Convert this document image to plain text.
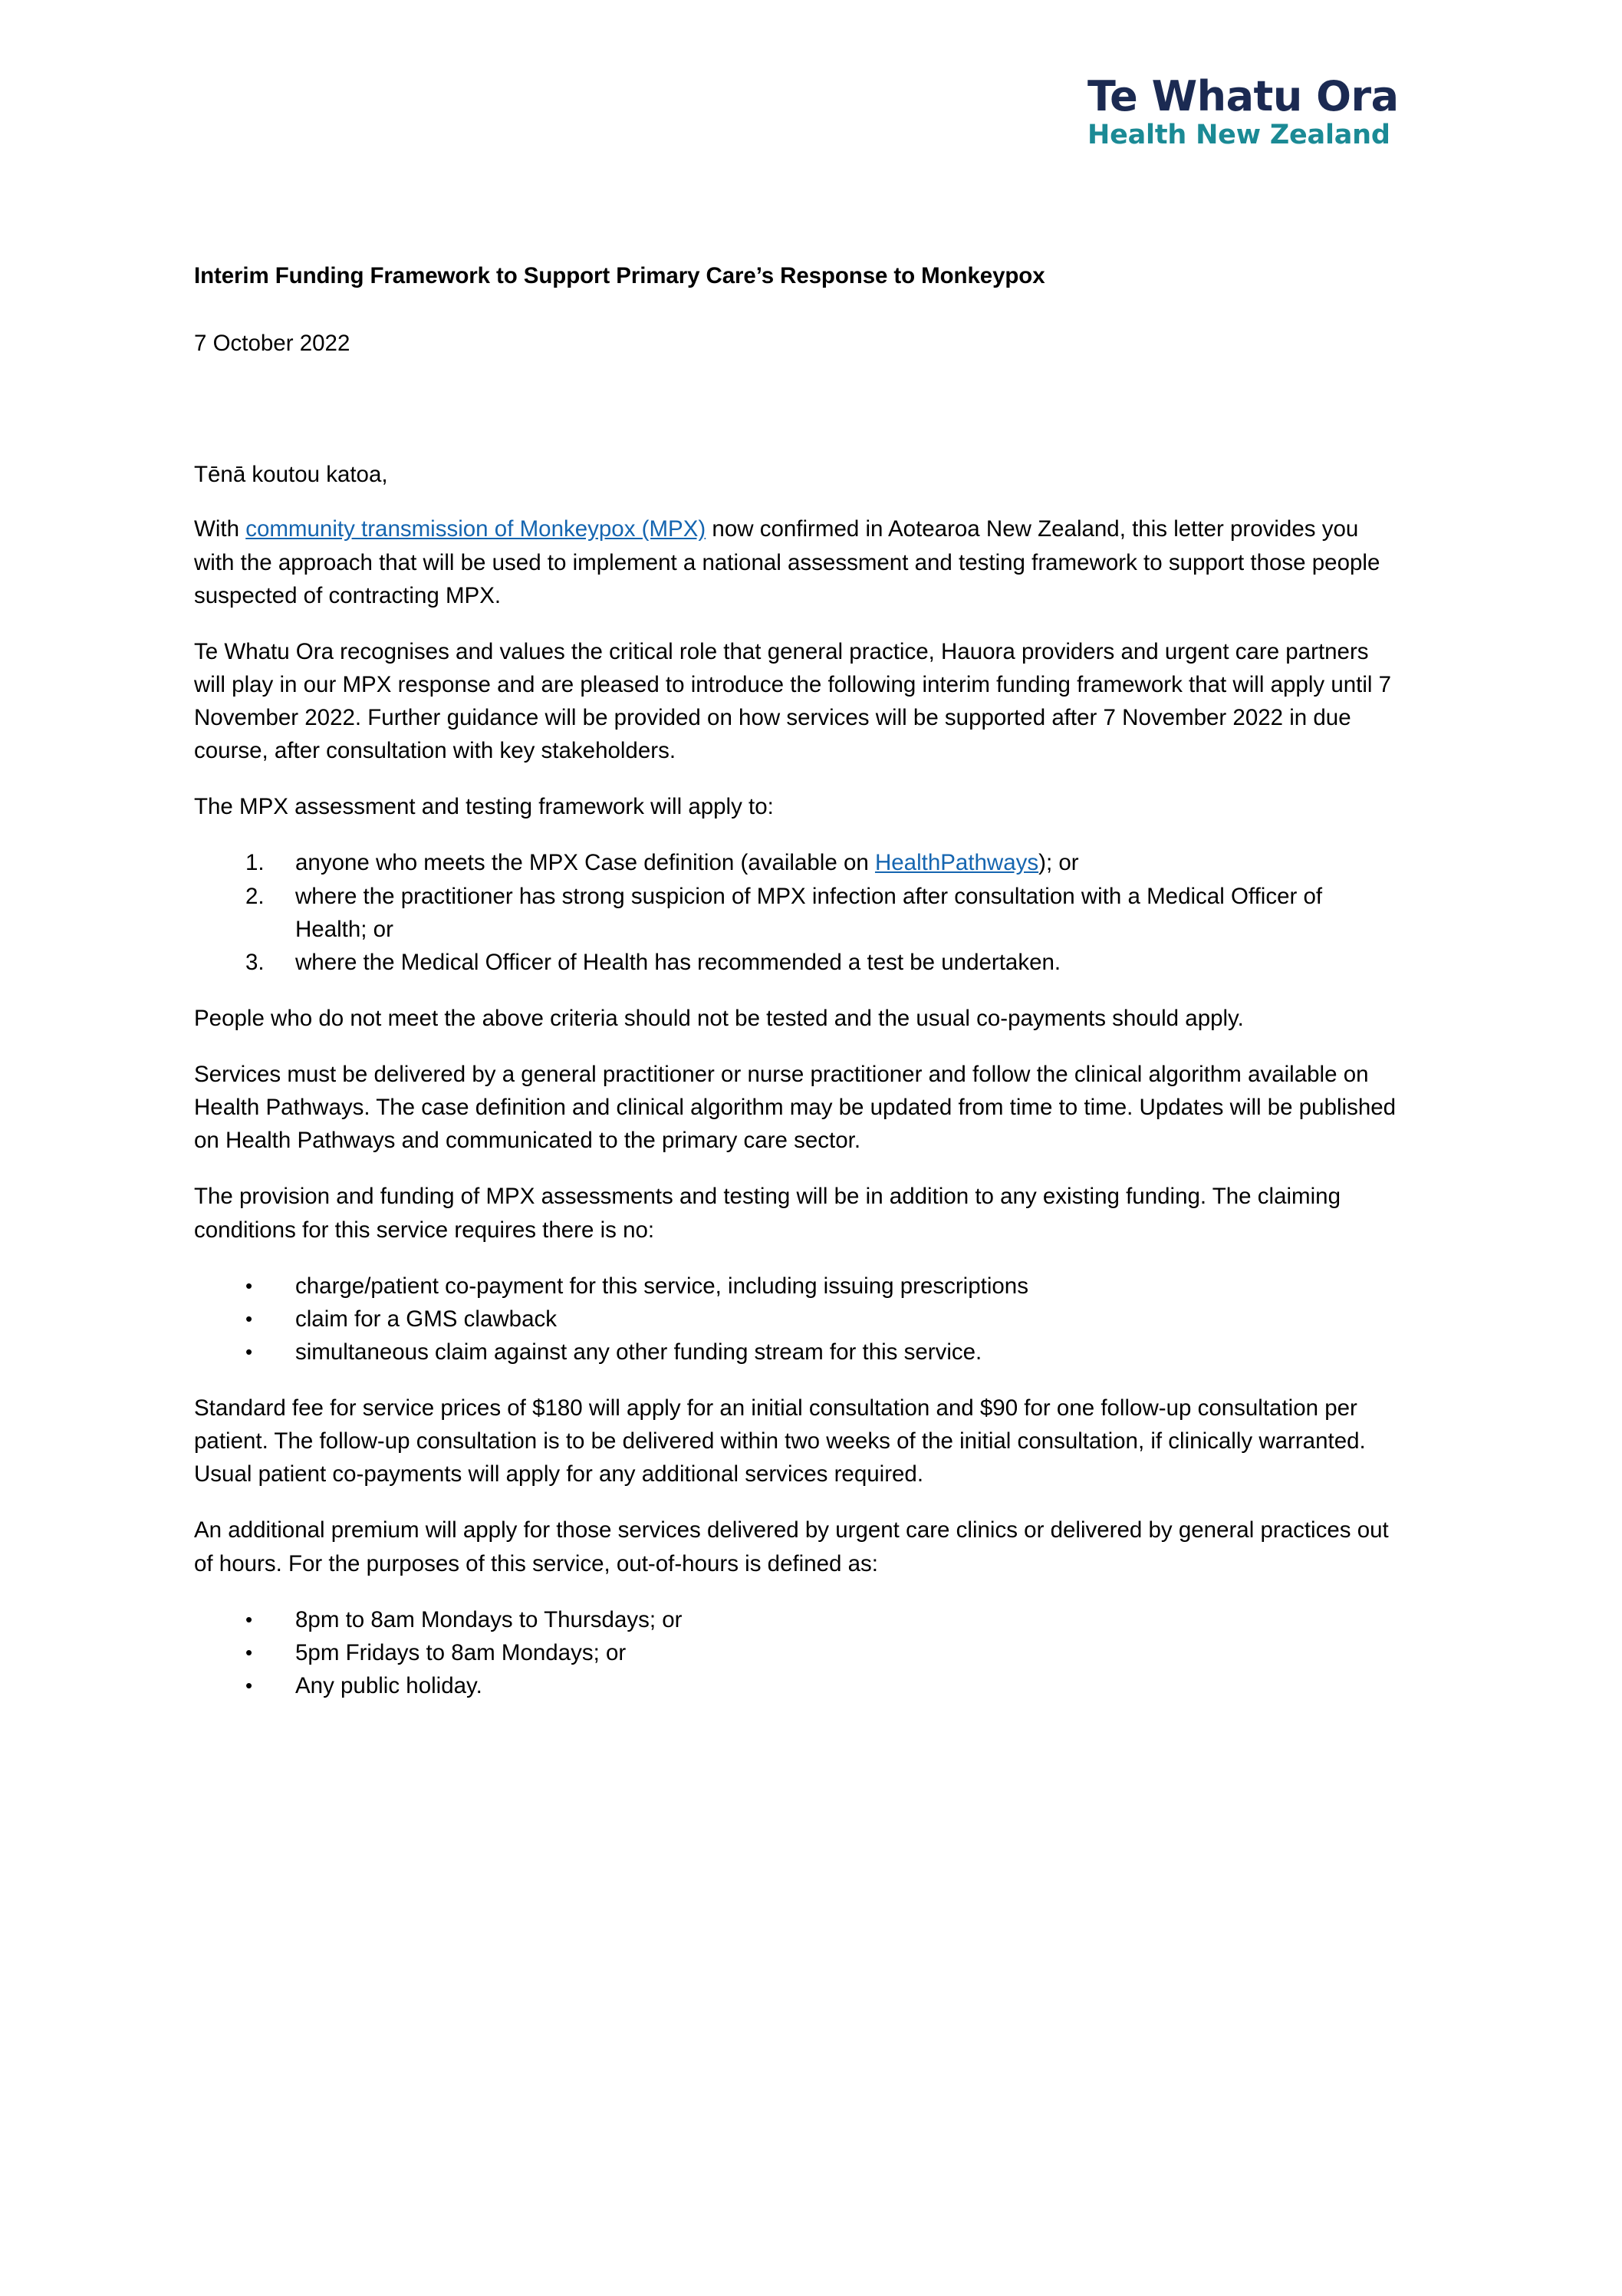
Te Whatu Ora
Health New Zealand
Interim Funding Framework to Support Primary Care’s Response to Monkeypox
7 October 2022
Tēnā koutou katoa,

With community transmission of Monkeypox (MPX) now confirmed in Aotearoa New Zealand, this letter provides you with the approach that will be used to implement a national assessment and testing framework to support those people suspected of contracting MPX.

Te Whatu Ora recognises and values the critical role that general practice, Hauora providers and urgent care partners will play in our MPX response and are pleased to introduce the following interim funding framework that will apply until 7 November 2022. Further guidance will be provided on how services will be supported after 7 November 2022 in due course, after consultation with key stakeholders.

The MPX assessment and testing framework will apply to:

1.	anyone who meets the MPX Case definition (available on HealthPathways); or
2.	where the practitioner has strong suspicion of MPX infection after consultation with a Medical Officer of Health; or
3.	where the Medical Officer of Health has recommended a test be undertaken.

People who do not meet the above criteria should not be tested and the usual co-payments should apply.

Services must be delivered by a general practitioner or nurse practitioner and follow the clinical algorithm available on Health Pathways. The case definition and clinical algorithm may be updated from time to time. Updates will be published on Health Pathways and communicated to the primary care sector.

The provision and funding of MPX assessments and testing will be in addition to any existing funding. The claiming conditions for this service requires there is no:

•	charge/patient co-payment for this service, including issuing prescriptions
•	claim for a GMS clawback
•	simultaneous claim against any other funding stream for this service.

Standard fee for service prices of $180 will apply for an initial consultation and $90 for one follow-up consultation per patient. The follow-up consultation is to be delivered within two weeks of the initial consultation, if clinically warranted. Usual patient co-payments will apply for any additional services required.

An additional premium will apply for those services delivered by urgent care clinics or delivered by general practices out of hours. For the purposes of this service, out-of-hours is defined as:

•	8pm to 8am Mondays to Thursdays; or
•	5pm Fridays to 8am Mondays; or
•	Any public holiday.
